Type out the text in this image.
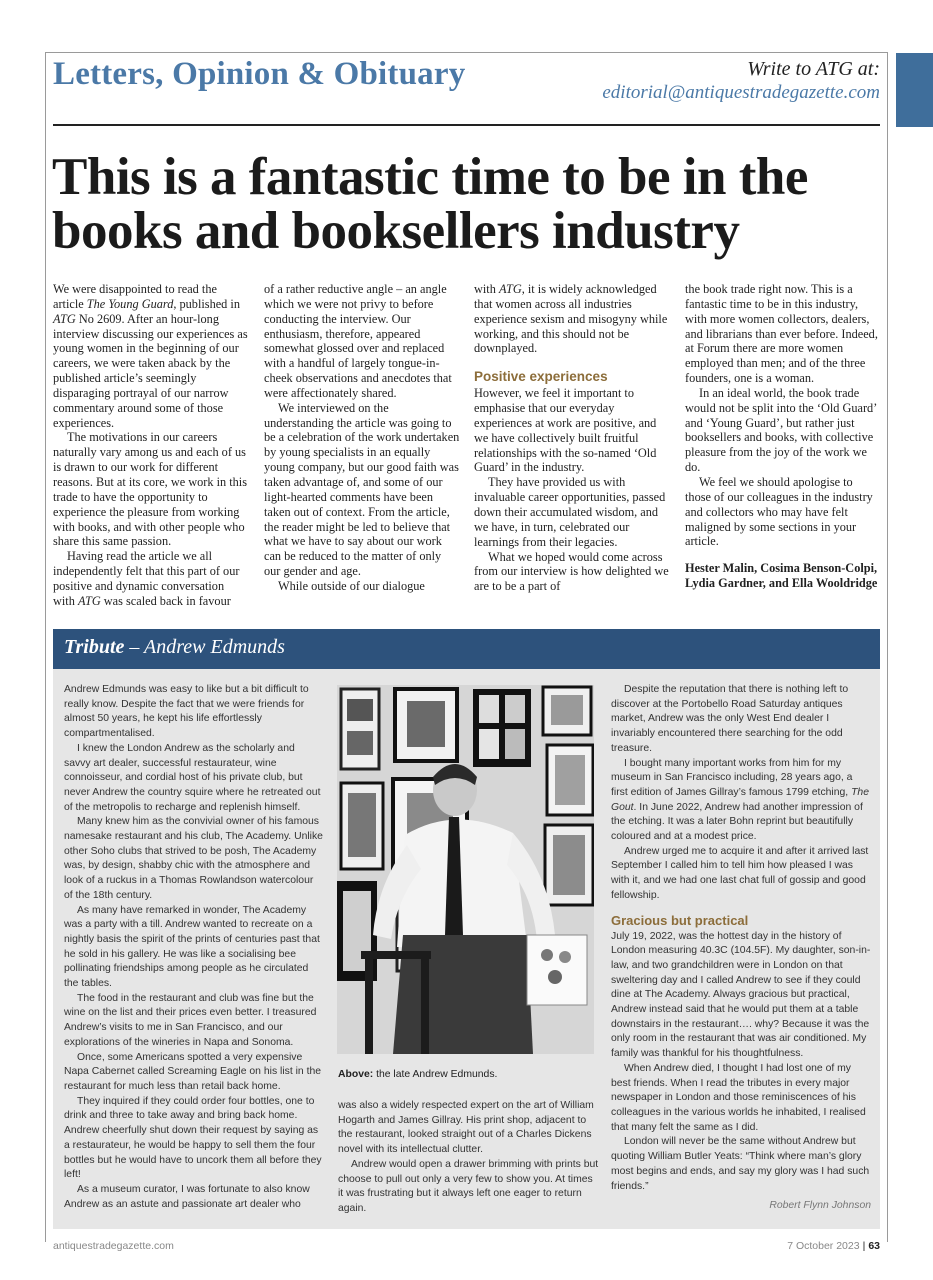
Letters, Opinion & Obituary	Write to ATG at:
editorial@antiquestradegazette.com
This is a fantastic time to be in the books and booksellers industry

We were disappointed to read the article The Young Guard, published in ATG No 2609. After an hour-long interview discussing our experiences as young women in the beginning of our careers, we were taken aback by the published article’s seemingly disparaging portrayal of our narrow commentary around some of those experiences.

The motivations in our careers naturally vary among us and each of us is drawn to our work for different reasons. But at its core, we work in this trade to have the opportunity to experience the pleasure from working with books, and with other people who share this same passion.

Having read the article we all independently felt that this part of our positive and dynamic conversation with ATG was scaled back in favour

of a rather reductive angle – an angle which we were not privy to before conducting the interview. Our enthusiasm, therefore, appeared somewhat glossed over and replaced with a handful of largely tongue-in-cheek observations and anecdotes that were affectionately shared.

We interviewed on the understanding the article was going to be a celebration of the work undertaken by young specialists in an equally young company, but our good faith was taken advantage of, and some of our light-hearted comments have been taken out of context. From the article, the reader might be led to believe that what we have to say about our work can be reduced to the matter of only our gender and age.

While outside of our dialogue

with ATG, it is widely acknowledged that women across all industries experience sexism and misogyny while working, and this should not be downplayed.

Positive experiences

However, we feel it important to emphasise that our everyday experiences at work are positive, and we have collectively built fruitful relationships with the so-named ‘Old Guard’ in the industry.

They have provided us with invaluable career opportunities, passed down their accumulated wisdom, and we have, in turn, celebrated our learnings from their legacies.

What we hoped would come across from our interview is how delighted we are to be a part of

the book trade right now. This is a fantastic time to be in this industry, with more women collectors, dealers, and librarians than ever before. Indeed, at Forum there are more women employed than men; and of the three founders, one is a woman.

In an ideal world, the book trade would not be split into the ‘Old Guard’ and ‘Young Guard’, but rather just booksellers and books, with collective pleasure from the joy of the work we do.

We feel we should apologise to those of our colleagues in the industry and collectors who may have felt maligned by some sections in your article.

Hester Malin, Cosima Benson-Colpi, Lydia Gardner, and Ella Wooldridge

Tribute – Andrew Edmunds

Andrew Edmunds was easy to like but a bit difficult to really know. Despite the fact that we were friends for almost 50 years, he kept his life effortlessly compartmentalised.

I knew the London Andrew as the scholarly and savvy art dealer, successful restaurateur, wine connoisseur, and cordial host of his private club, but never Andrew the country squire where he retreated out of the metropolis to recharge and replenish himself.

Many knew him as the convivial owner of his famous namesake restaurant and his club, The Academy. Unlike other Soho clubs that strived to be posh, The Academy was, by design, shabby chic with the atmosphere and look of a ruckus in a Thomas Rowlandson watercolour of the 18th century.

As many have remarked in wonder, The Academy was a party with a till. Andrew wanted to recreate on a nightly basis the spirit of the prints of centuries past that he sold in his gallery. He was like a socialising bee pollinating friendships among people as he circulated the tables.

The food in the restaurant and club was fine but the wine on the list and their prices even better. I treasured Andrew’s visits to me in San Francisco, and our explorations of the wineries in Napa and Sonoma.

Once, some Americans spotted a very expensive Napa Cabernet called Screaming Eagle on his list in the restaurant for much less than retail back home.

They inquired if they could order four bottles, one to drink and three to take away and bring back home. Andrew cheerfully shut down their request by saying as a restaurateur, he would be happy to sell them the four bottles but he would have to uncork them all before they left!

As a museum curator, I was fortunate to also know Andrew as an astute and passionate art dealer who

Above: the late Andrew Edmunds.

was also a widely respected expert on the art of William Hogarth and James Gillray. His print shop, adjacent to the restaurant, looked straight out of a Charles Dickens novel with its intellectual clutter.

Andrew would open a drawer brimming with prints but choose to pull out only a very few to show you. At times it was frustrating but it always left one eager to return again.

Despite the reputation that there is nothing left to discover at the Portobello Road Saturday antiques market, Andrew was the only West End dealer I invariably encountered there searching for the odd treasure.

I bought many important works from him for my museum in San Francisco including, 28 years ago, a first edition of James Gillray’s famous 1799 etching, The Gout. In June 2022, Andrew had another impression of the etching. It was a later Bohn reprint but beautifully coloured and at a modest price.

Andrew urged me to acquire it and after it arrived last September I called him to tell him how pleased I was with it, and we had one last chat full of gossip and good fellowship.

Gracious but practical

July 19, 2022, was the hottest day in the history of London measuring 40.3C (104.5F). My daughter, son-in-law, and two grandchildren were in London on that sweltering day and I called Andrew to see if they could dine at The Academy. Always gracious but practical, Andrew instead said that he would put them at a table downstairs in the restaurant…. why? Because it was the only room in the restaurant that was air conditioned. My family was thankful for his thoughtfulness.

When Andrew died, I thought I had lost one of my best friends. When I read the tributes in every major newspaper in London and those reminiscences of his colleagues in the various worlds he inhabited, I realised that many felt the same as I did.

London will never be the same without Andrew but quoting William Butler Yeats: “Think where man’s glory most begins and ends, and say my glory was I had such friends.”

Robert Flynn Johnson

antiquestradegazette.com	7 October 2023 | 63
